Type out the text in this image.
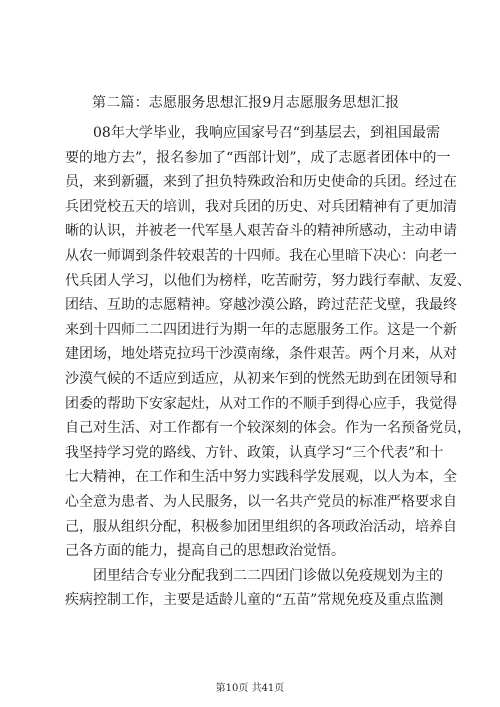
第二篇：志愿服务思想汇报9月志愿服务思想汇报
08年大学毕业，我响应国家号召“到基层去，到祖国最需
要的地方去”，报名参加了“西部计划”，成了志愿者团体中的一
员，来到新疆，来到了担负特殊政治和历史使命的兵团。经过在
兵团党校五天的培训，我对兵团的历史、对兵团精神有了更加清
晰的认识，并被老一代军垦人艰苦奋斗的精神所感动，主动申请
从农一师调到条件较艰苦的十四师。我在心里暗下决心：向老一
代兵团人学习，以他们为榜样，吃苦耐劳，努力践行奉献、友爱、
团结、互助的志愿精神。穿越沙漠公路，跨过茫茫戈壁，我最终
来到十四师二二四团进行为期一年的志愿服务工作。这是一个新
建团场，地处塔克拉玛干沙漠南缘，条件艰苦。两个月来，从对
沙漠气候的不适应到适应，从初来乍到的恍然无助到在团领导和
团委的帮助下安家起灶，从对工作的不顺手到得心应手，我觉得
自己对生活、对工作都有一个较深刻的体会。作为一名预备党员，
我坚持学习党的路线、方针、政策，认真学习“三个代表”和十
七大精神，在工作和生活中努力实践科学发展观，以人为本，全
心全意为患者、为人民服务，以一名共产党员的标准严格要求自
己，服从组织分配，积极参加团里组织的各项政治活动，培养自
己各方面的能力，提高自己的思想政治觉悟。
团里结合专业分配我到二二四团门诊做以免疫规划为主的
疾病控制工作，主要是适龄儿童的“五苗”常规免疫及重点监测
第10页 共41页
